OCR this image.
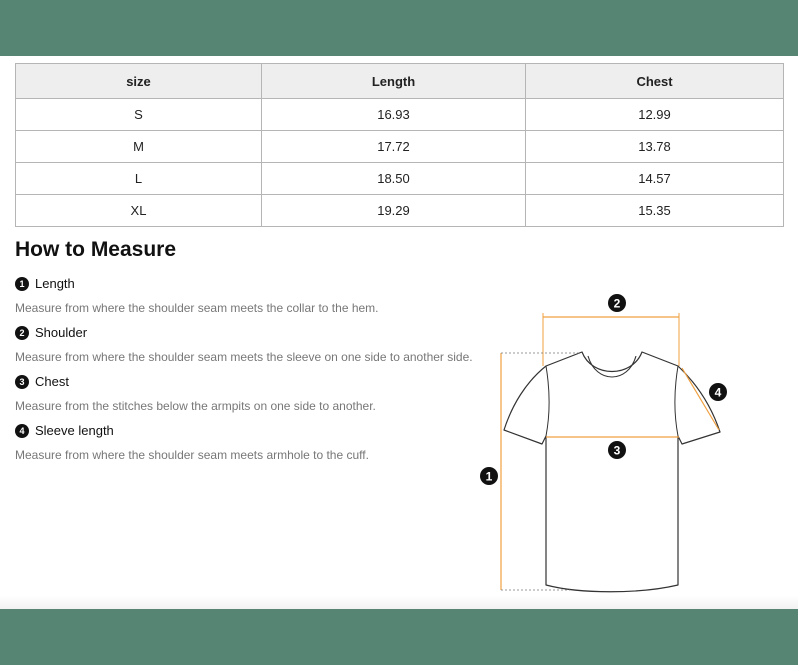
size	Length	Chest
S	16.93	12.99
M	17.72	13.78
L	18.50	14.57
XL	19.29	15.35
How to Measure
1 Length
Measure from where the shoulder seam meets the collar to the hem.
2 Shoulder
Measure from where the shoulder seam meets the sleeve on one side to another side.
3 Chest
Measure from the stitches below the armpits on one side to another.
4 Sleeve length
Measure from where the shoulder seam meets armhole to the cuff.
1
2
3
4
